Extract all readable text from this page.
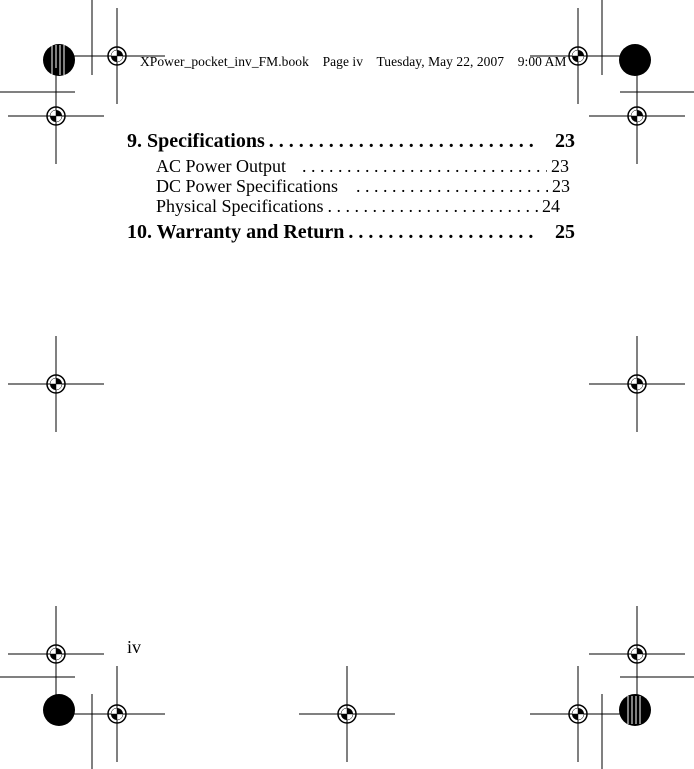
XPower_pocket_inv_FM.book    Page iv    Tuesday, May 22, 2007    9:00 AM
9. Specifications . . .	23
AC Power Output . . .	23
DC Power Specifications . . .	23
Physical Specifications . . .	24
10. Warranty and Return . . .	25
iv
